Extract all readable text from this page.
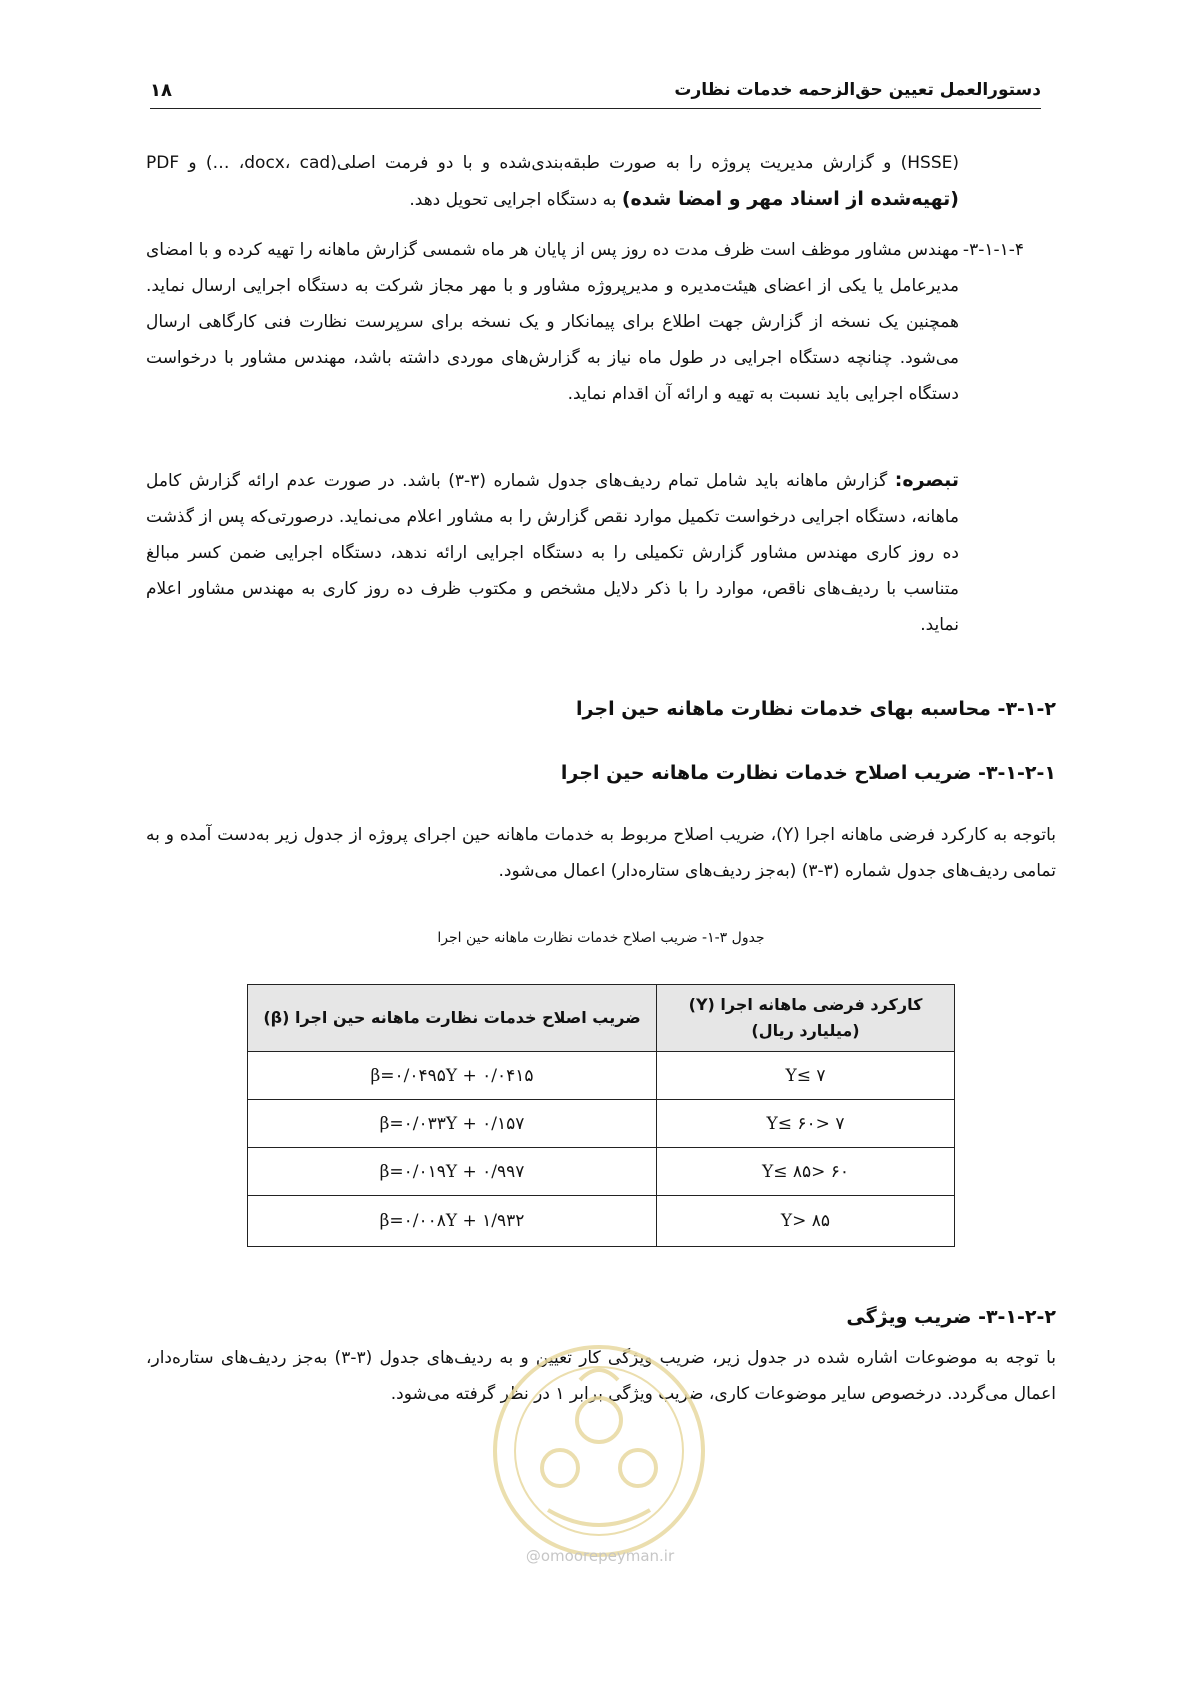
دستورالعمل تعیین حق‌الزحمه خدمات نظارت
۱۸
(HSSE) و گزارش مدیریت پروژه را به صورت طبقه‌بندی‌شده و با دو فرمت اصلی(docx، cad، …) و PDF (تهیه‌شده از اسناد مهر و امضا شده) به دستگاه اجرایی تحویل دهد.
۳-۱-۱-۴-
مهندس مشاور موظف است ظرف مدت ده روز پس از پایان هر ماه شمسی گزارش ماهانه را تهیه کرده و با امضای مدیرعامل یا یکی از اعضای هیئت‌مدیره و مدیرپروژه مشاور و با مهر مجاز شرکت به دستگاه اجرایی ارسال نماید. همچنین یک نسخه از گزارش جهت اطلاع برای پیمانکار و یک نسخه برای سرپرست نظارت فنی کارگاهی ارسال می‌شود. چنانچه دستگاه اجرایی در طول ماه نیاز به گزارش‌های موردی داشته باشد، مهندس مشاور با درخواست دستگاه اجرایی باید نسبت به تهیه و ارائه آن اقدام نماید.
تبصره: گزارش ماهانه باید شامل تمام ردیف‌های جدول شماره (۳-۳) باشد. در صورت عدم ارائه گزارش کامل ماهانه، دستگاه اجرایی درخواست تکمیل موارد نقص گزارش را به مشاور اعلام می‌نماید. درصورتی‌که پس از گذشت ده روز کاری مهندس مشاور گزارش تکمیلی را به دستگاه اجرایی ارائه ندهد، دستگاه اجرایی ضمن کسر مبالغ متناسب با ردیف‌های ناقص، موارد را با ذکر دلایل مشخص و مکتوب ظرف ده روز کاری به مهندس مشاور اعلام نماید.
۳-۱-۲- محاسبه بهای خدمات نظارت ماهانه حین اجرا
۳-۱-۲-۱- ضریب اصلاح خدمات نظارت ماهانه حین اجرا
باتوجه به کارکرد فرضی ماهانه اجرا (Y)، ضریب اصلاح مربوط به خدمات ماهانه حین اجرای پروژه از جدول زیر به‌دست آمده و به تمامی ردیف‌های جدول شماره (۳-۳) (به‌جز ردیف‌های ستاره‌دار) اعمال می‌شود.
جدول ۳-۱- ضریب اصلاح خدمات نظارت ماهانه حین اجرا
کارکرد فرضی ماهانه اجرا (Y)
(میلیارد ریال)	ضریب اصلاح خدمات نظارت ماهانه حین اجرا (β)
Y≤ ۷	β=۰/۰۴۹۵Y + ۰/۰۴۱۵
۷ <Y≤ ۶۰	β=۰/۰۳۳Y + ۰/۱۵۷
۶۰ <Y≤ ۸۵	β=۰/۰۱۹Y + ۰/۹۹۷
Y> ۸۵	β=۰/۰۰۸Y + ۱/۹۳۲
۳-۱-۲-۲- ضریب ویژگی
با توجه به موضوعات اشاره شده در جدول زیر، ضریب ویژگی کار تعیین و به ردیف‌های جدول (۳-۳) به‌جز ردیف‌های ستاره‌دار، اعمال می‌گردد. درخصوص سایر موضوعات کاری، ضریب ویژگی برابر ۱ در نظر گرفته می‌شود.
@omoorepeyman.ir
